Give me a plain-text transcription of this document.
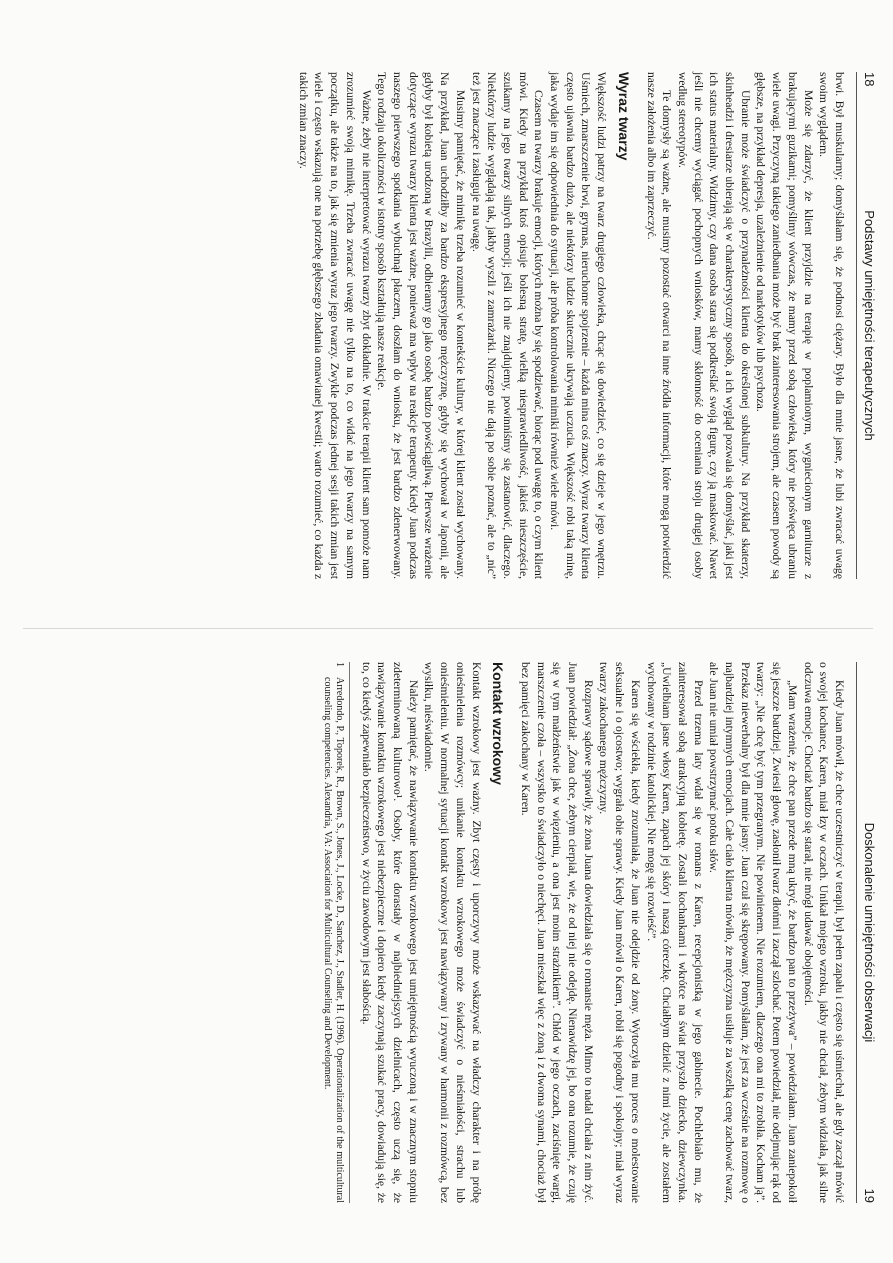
18
Podstawy umiejętności terapeutycznych

brwi. Był muskularny; domyślałam się, że podnosi ciężary. Było dla mnie jasne, że lubi zwracać uwagę swoim wyglądem.

Może się zdarzyć, że klient przyjdzie na terapię w poplamionym, wygniecionym garniturze z brakującymi guzikami; pomyślimy wówczas, że mamy przed sobą człowieka, który nie poświęca ubraniu wiele uwagi. Przyczyną takiego zaniedbania może być brak zainteresowania strojem, ale czasem powody są głębsze, na przykład depresja, uzależnienie od narkotyków lub psychoza.

Ubranie może świadczyć o przynależności klienta do określonej subkultury. Na przykład skaterzy, skinheadzi i dresiarze ubierają się w charakterystyczny sposób, a ich wygląd pozwala się domyślać, jaki jest ich status materialny. Widzimy, czy dana osoba stara się podkreślać swoją figurę, czy ją maskować. Nawet jeśli nie chcemy wyciągać pochopnych wniosków, mamy skłonność do oceniania stroju drugiej osoby według stereotypów.

Te domysły są ważne, ale musimy pozostać otwarci na inne źródła informacji, które mogą potwierdzić nasze założenia albo im zaprzeczyć.

Wyraz twarzy

Większość ludzi patrzy na twarz drugiego człowieka, chcąc się dowiedzieć, co się dzieje w jego wnętrzu. Uśmiech, zmarszczenie brwi, grymas, nieruchome spojrzenie – każda mina coś znaczy. Wyraz twarzy klienta często ujawnia bardzo dużo, ale niektórzy ludzie skutecznie ukrywają uczucia. Większość robi taką minę, jaka wydaje im się odpowiednia do sytuacji, ale próba kontrolowania mimiki również wiele mówi.

Czasem na twarzy brakuje emocji, których można by się spodziewać, biorąc pod uwagę to, o czym klient mówi. Kiedy na przykład ktoś opisuje bolesną stratę, wielką niesprawiedliwość, jakieś nieszczęście, szukamy na jego twarzy silnych emocji; jeśli ich nie znajdujemy, powinniśmy się zastanowić, dlaczego. Niektórzy ludzie wyglądają tak, jakby wyszli z zamrażarki. Niczego nie dają po sobie poznać, ale to „nic” też jest znaczące i zasługuje na uwagę.

Musimy pamiętać, że mimikę trzeba rozumieć w kontekście kultury, w której klient został wychowany. Na przykład, Juan uchodziłby za bardzo ekspresyjnego mężczyznę, gdyby się wychował w Japonii, ale gdyby był kobietą urodzoną w Brazylii, odbieramy go jako osobę bardzo powściągliwą. Pierwsze wrażenie dotyczące wyrazu twarzy klienta jest ważne, ponieważ ma wpływ na reakcje terapeuty. Kiedy Juan podczas naszego pierwszego spotkania wybuchnął płaczem, doszłam do wniosku, że jest bardzo zdenerwowany. Tego rodzaju okoliczności w istotny sposób kształtują nasze reakcje.

Ważne, żeby nie interpretować wyrazu twarzy zbyt dokładnie. W trakcie terapii klient sam pomoże nam zrozumieć swoją mimikę. Trzeba zwracać uwagę nie tylko na to, co widać na jego twarzy na samym początku, ale także na to, jak się zmienia wyraz jego twarzy. Zwykle podczas jednej sesji takich zmian jest wiele i często wskazują one na potrzebę głębszego zbadania omawianej kwestii; warto rozumieć, co każda z takich zmian znaczy.

Doskonalenie umiejętności obserwacji
19

Kiedy Juan mówił, że chce uczestniczyć w terapii, był pełen zapału i często się uśmiechał, ale gdy zaczął mówić o swojej kochance, Karen, miał łzy w oczach. Unikał mojego wzroku, jakby nie chciał, żebym widziała, jak silne odczuwa emocje. Chociaż bardzo się starał, nie mógł udawać obojętności.

„Mam wrażenie, że chce pan przede mną ukryć, że bardzo pan to przeżywa” – powiedziałam. Juan zaniepokoił się jeszcze bardziej. Zwiesił głowę, zasłonił twarz dłońmi i zaczął szlochać. Potem powiedział, nie odejmując rąk od twarzy: „Nie chcę być tym przegranym. Nie powinienem. Nie rozumiem, dlaczego ona mi to zrobiła. Kocham ją”. Przekaz niewerbalny był dla mnie jasny: Juan czuł się skrępowany. Pomyślałam, że jest za wcześnie na rozmowę o najbardziej intymnych emocjach. Całe ciało klienta mówiło, że mężczyzna usiłuje za wszelką cenę zachować twarz, ale Juan nie umiał powstrzymać potoku słów.

Przed trzema laty wdał się w romans z Karen, recepcjonistką w jego gabinecie. Pochlebiało mu, że zainteresował sobą atrakcyjną kobietę. Zostali kochankami i wkrótce na świat przyszło dziecko, dziewczynka. „Uwielbiam jasne włosy Karen, zapach jej skóry i naszą córeczkę. Chciałbym dzielić z nimi życie, ale zostałem wychowany w rodzinie katolickiej. Nie mogę się rozwieść”.

Karen się wściekła, kiedy zrozumiała, że Juan nie odejdzie od żony. Wytoczyła mu proces o molestowanie seksualne i o ojcostwo; wygrała obie sprawy. Kiedy Juan mówił o Karen, robił się pogodny i spokojny; miał wyraz twarzy zakochanego mężczyzny.

Rozprawy sądowe sprawiły, że żona Juana dowiedziała się o romansie męża. Mimo to nadal chciała z nim żyć. Juan powiedział: „Żona chce, żebym cierpiał, wie, że od niej nie odejdę. Nienawidzę jej, bo ona rozumie, że czuję się w tym małżeństwie jak w więzieniu, a ona jest moim strażnikiem”. Chłód w jego oczach, zaciśnięte wargi, marszczenie czoła – wszystko to świadczyło o niechęci. Juan mieszkał więc z żoną i z dwoma synami, chociaż był bez pamięci zakochany w Karen.

Kontakt wzrokowy

Kontakt wzrokowy jest ważny. Zbyt częsty i uporczywy może wskazywać na władczy charakter i na próbę onieśmielenia rozmówcy; unikanie kontaktu wzrokowego może świadczyć o nieśmiałości, strachu lub onieśmieleniu. W normalnej sytuacji kontakt wzrokowy jest nawiązywany i zrywany w harmonii z rozmówcą, bez wysiłku, nieświadomie.

Należy pamiętać, że nawiązywanie kontaktu wzrokowego jest umiejętnością wyuczoną i w znacznym stopniu zdeterminowaną kulturowo¹. Osoby, które dorastały w najbiedniejszych dzielnicach, często uczą się, że nawiązywanie kontaktu wzrokowego jest niebezpieczne i dopiero kiedy zaczynają szukać pracy, dowiadują się, że to, co kiedyś zapewniało bezpieczeństwo, w życiu zawodowym jest słabością.

1
Arredondo, P., Toporek, R., Brown, S., Jones, J., Locke, D., Sanchez, J., Stadler, H. (1996). Operationalization of the multicultural counseling competencies. Alexandria, VA: Association for Multicultural Counseling and Development.
